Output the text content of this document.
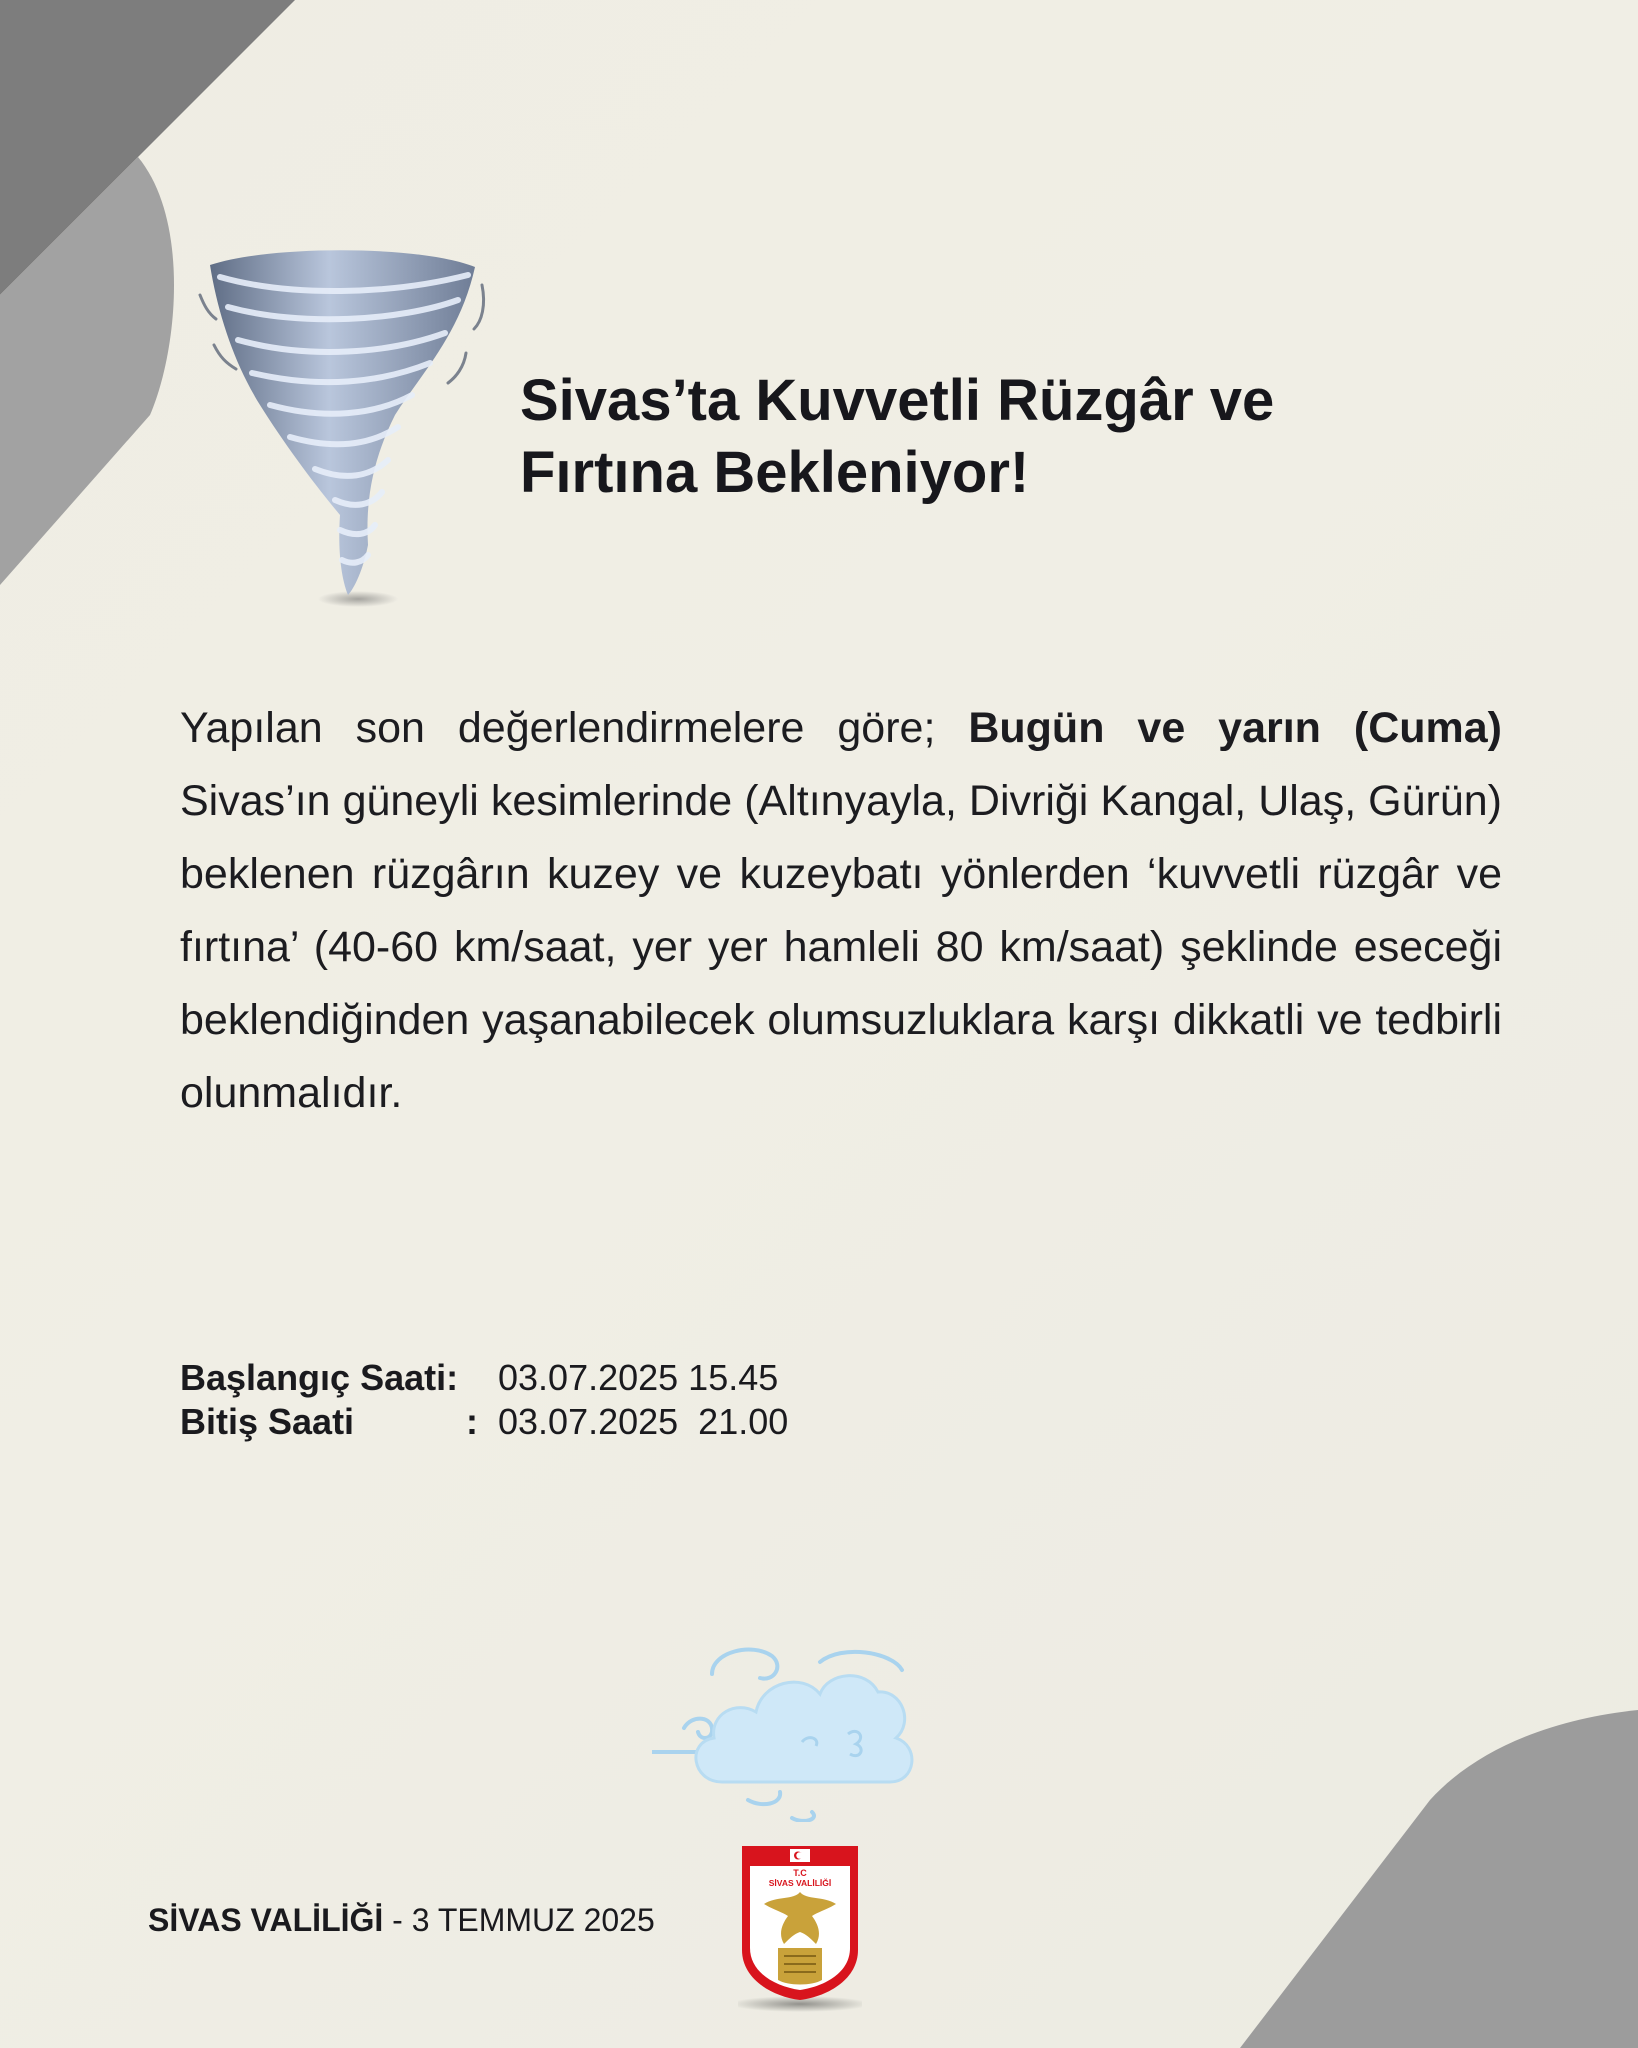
Sivas’ta Kuvvetli Rüzgâr ve
Fırtına Bekleniyor!

Yapılan son değerlendirmelere göre; Bugün ve yarın (Cuma) Sivas’ın güneyli kesimlerinde (Altınyayla, Divriği Kangal, Ulaş, Gürün) beklenen rüzgârın kuzey ve kuzeybatı yönlerden ‘kuvvetli rüzgâr ve fırtına’ (40-60 km/saat, yer yer hamleli 80 km/saat) şeklinde eseceği beklendiğinden yaşanabilecek olumsuzluklara karşı dikkatli ve tedbirli olunmalıdır.

Başlangıç Saati: 03.07.2025 15.45
Bitiş Saati	: 03.07.2025  21.00
SİVAS VALİLİĞİ - 3 TEMMUZ 2025
T.C
SİVAS VALİLİĞİ
